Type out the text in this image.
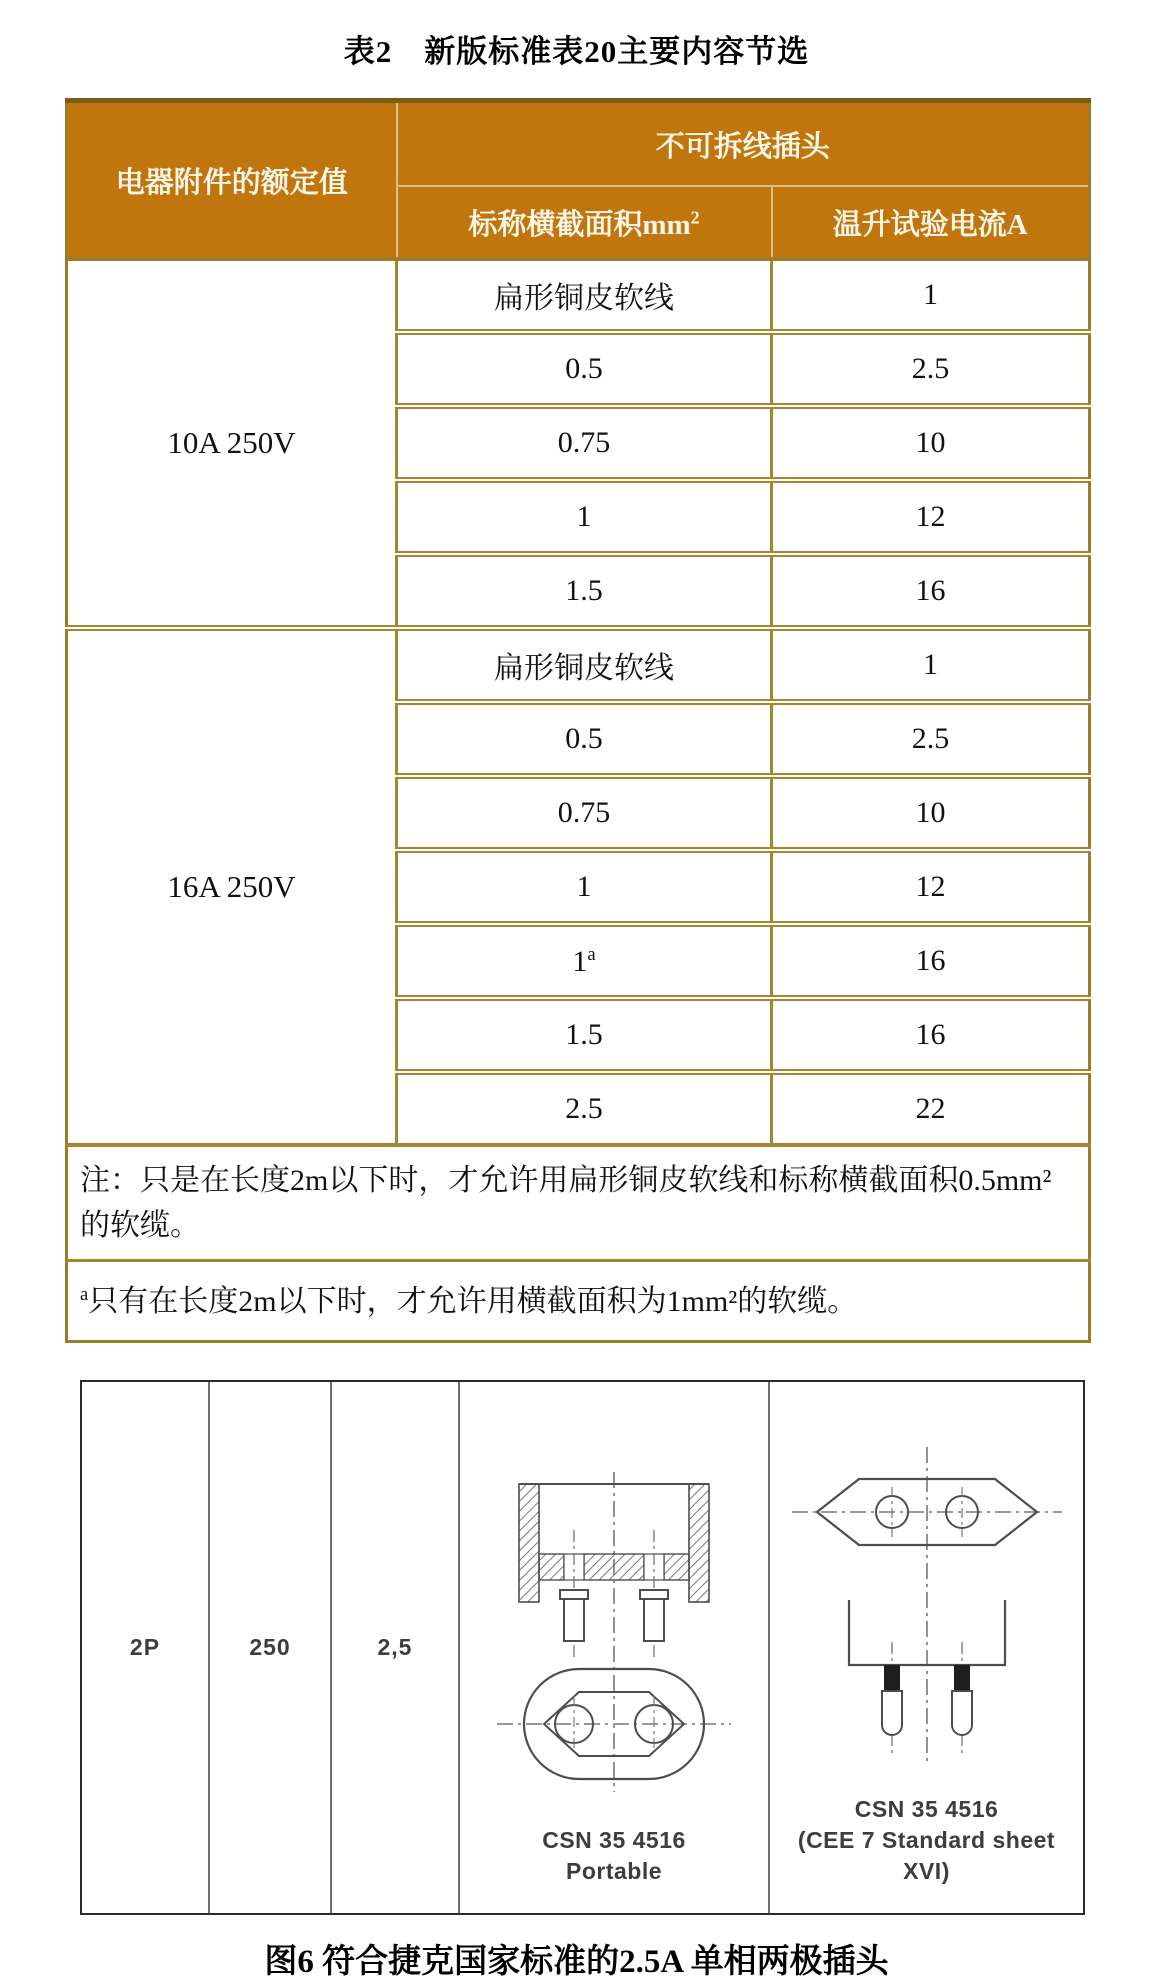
表2　新版标准表20主要内容节选
电器附件的额定值	不可拆线插头	
	标称横截面积$mm^2$	温升试验电流A
10A 250V	扁形铜皮软线	1
	0.5	2.5
	0.75	10
	1	12
	1.5	16
16A 250V	扁形铜皮软线	1
	0.5	2.5
	0.75	10
	1	12
	1$^a$	16
	1.5	16
	2.5	22
注：只是在长度2m以下时，才允许用扁形铜皮软线和标称横截面积0.5mm²的软缆。		
$^a$只有在长度2m以下时，才允许用横截面积为1mm²的软缆。		
2P	250	2,5
CSN 35 4516
Portable
CSN 35 4516
(CEE 7 Standard sheet
XVI)
图6 符合捷克国家标准的2.5A 单相两极插头
